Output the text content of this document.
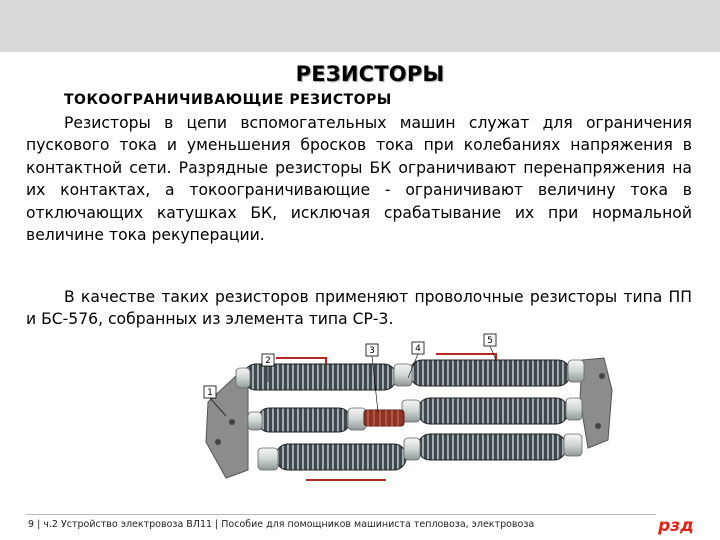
РЕЗИСТОРЫ
ТОКООГРАНИЧИВАЮЩИЕ РЕЗИСТОРЫ

Резисторы в цепи вспомогательных машин служат для ограничения пускового тока и уменьшения бросков тока при колебаниях напряжения в контактной сети. Разрядные резисторы БК ограничивают перенапряжения на их контактах, а токоограничивающие - ограничивают величину тока в отключающих катушках БК, исключая срабатывание их при нормальной величине тока рекуперации.

В качестве таких резисторов применяют проволочные резисторы типа ПП и БС-576, собранных из элемента типа СР-3.

1
2
3	4
5
9 | ч.2 Устройство электровоза ВЛ11 | Пособие для помощников машиниста тепловоза, электровоза	рзд
